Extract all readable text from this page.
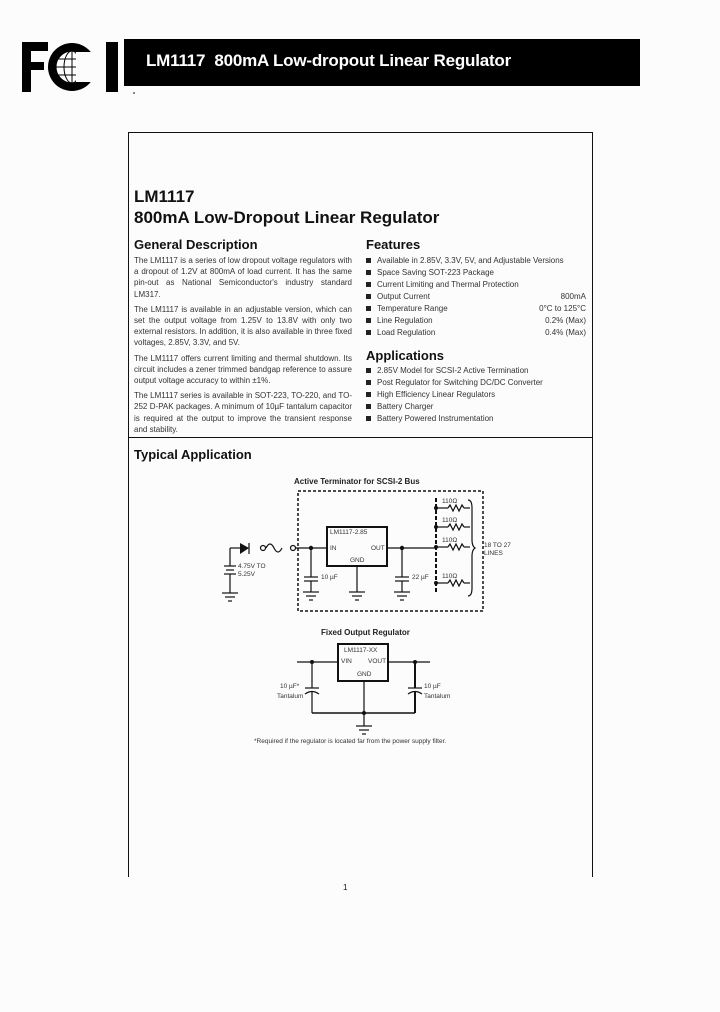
LM1117  800mA Low-dropout Linear Regulator
LM1117
800mA Low-Dropout Linear Regulator
General Description

The LM1117 is a series of low dropout voltage regulators with a dropout of 1.2V at 800mA of load current. It has the same pin-out as National Semiconductor's industry standard LM317.

The LM1117 is available in an adjustable version, which can set the output voltage from 1.25V to 13.8V with only two external resistors. In addition, it is also available in three fixed voltages, 2.85V, 3.3V, and 5V.

The LM1117 offers current limiting and thermal shutdown. Its circuit includes a zener trimmed bandgap reference to assure output voltage accuracy to within ±1%.

The LM1117 series is available in SOT-223, TO-220, and TO-252 D-PAK packages. A minimum of 10µF tantalum capacitor is required at the output to improve the transient response and stability.

Features
Available in 2.85V, 3.3V, 5V, and Adjustable Versions
Space Saving SOT-223 Package
Current Limiting and Thermal Protection
Output Current	800mA
Temperature Range	0°C to 125°C
Line Regulation	0.2% (Max)
Load Regulation	0.4% (Max)
Applications
2.85V Model for SCSI-2 Active Termination
Post Regulator for Switching DC/DC Converter
High Efficiency Linear Regulators
Battery Charger
Battery Powered Instrumentation
Typical Application
Active Terminator for SCSI-2 Bus
LM1117-2.85
IN	OUT
GND
4.75V TO
5.25V	10 µF	22 µF
110Ω
110Ω
110Ω
110Ω
18 TO 27
LINES
Fixed Output Regulator
LM1117-XX
VIN VOUT
GND
10 µF*
Tantalum
10 µF
Tantalum
*Required if the regulator is located far from the power supply filter.
1
